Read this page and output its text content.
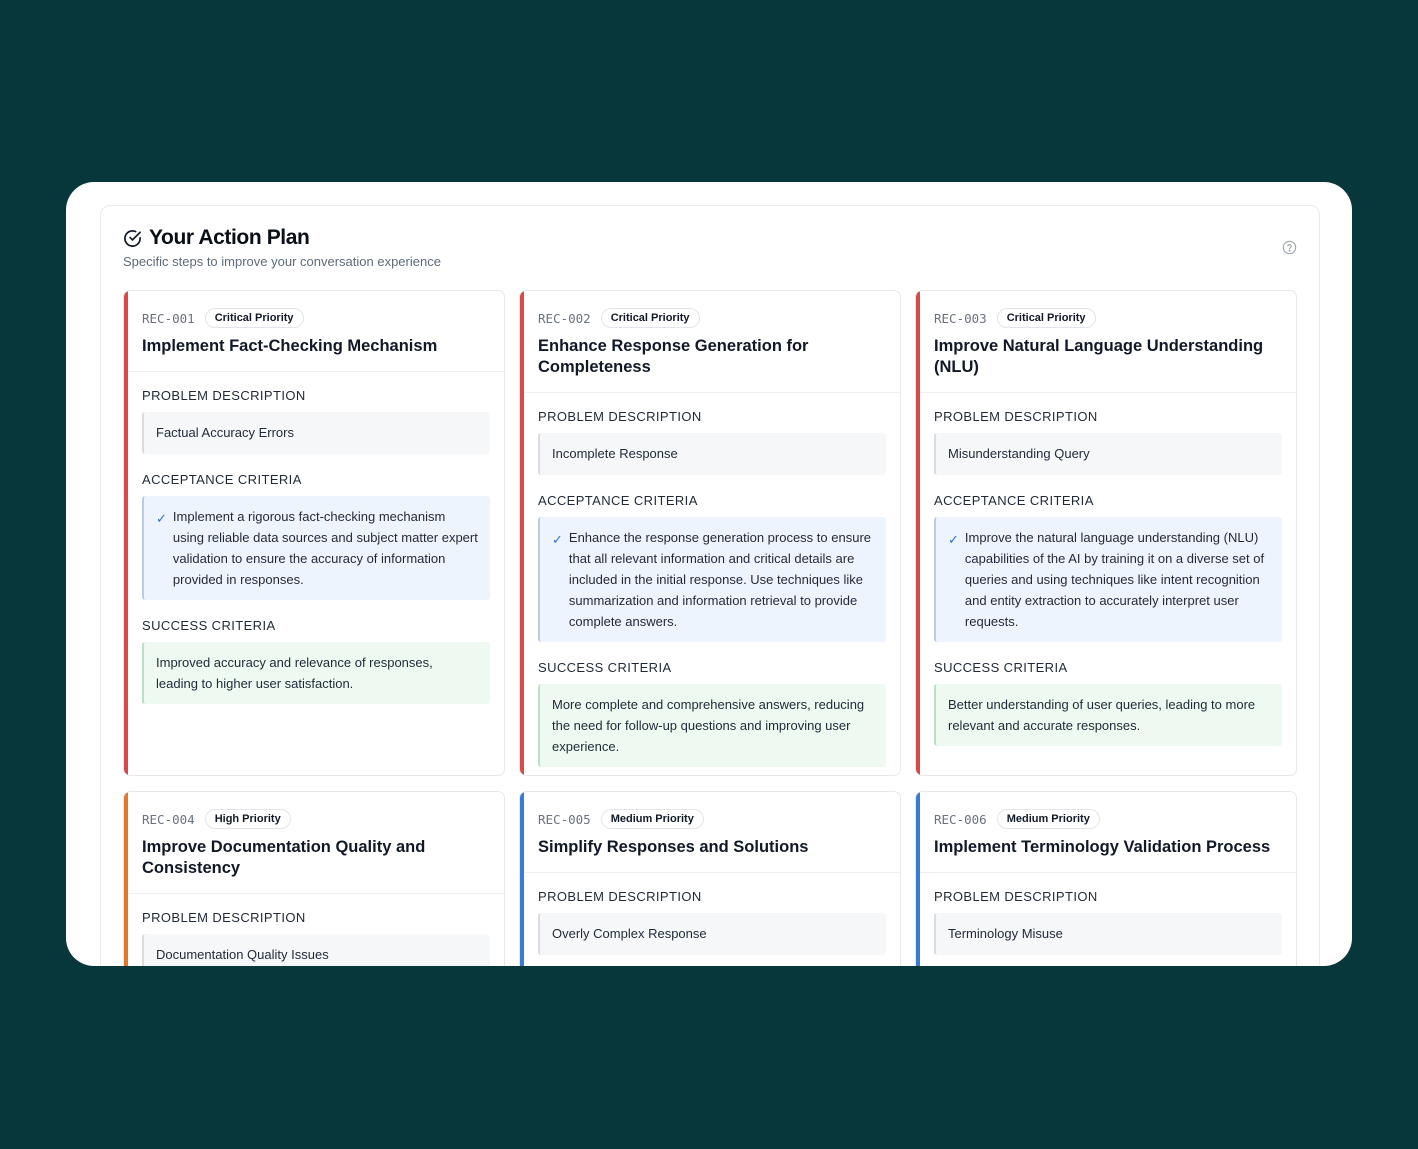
Your Action Plan
Specific steps to improve your conversation experience
REC-001	Critical Priority
Implement Fact-Checking Mechanism
PROBLEM DESCRIPTION
Factual Accuracy Errors
ACCEPTANCE CRITERIA
✓ Implement a rigorous fact-checking mechanism using reliable data sources and subject matter expert validation to ensure the accuracy of information provided in responses.
SUCCESS CRITERIA
Improved accuracy and relevance of responses, leading to higher user satisfaction.
REC-002	Critical Priority
Enhance Response Generation for Completeness
PROBLEM DESCRIPTION
Incomplete Response
ACCEPTANCE CRITERIA
✓ Enhance the response generation process to ensure that all relevant information and critical details are included in the initial response. Use techniques like summarization and information retrieval to provide complete answers.
SUCCESS CRITERIA
More complete and comprehensive answers, reducing the need for follow-up questions and improving user experience.
REC-003	Critical Priority
Improve Natural Language Understanding (NLU)
PROBLEM DESCRIPTION
Misunderstanding Query
ACCEPTANCE CRITERIA
✓ Improve the natural language understanding (NLU) capabilities of the AI by training it on a diverse set of queries and using techniques like intent recognition and entity extraction to accurately interpret user requests.
SUCCESS CRITERIA
Better understanding of user queries, leading to more relevant and accurate responses.
REC-004	High Priority
Improve Documentation Quality and Consistency
PROBLEM DESCRIPTION
Documentation Quality Issues
REC-005	Medium Priority
Simplify Responses and Solutions
PROBLEM DESCRIPTION
Overly Complex Response
REC-006	Medium Priority
Implement Terminology Validation Process
PROBLEM DESCRIPTION
Terminology Misuse
